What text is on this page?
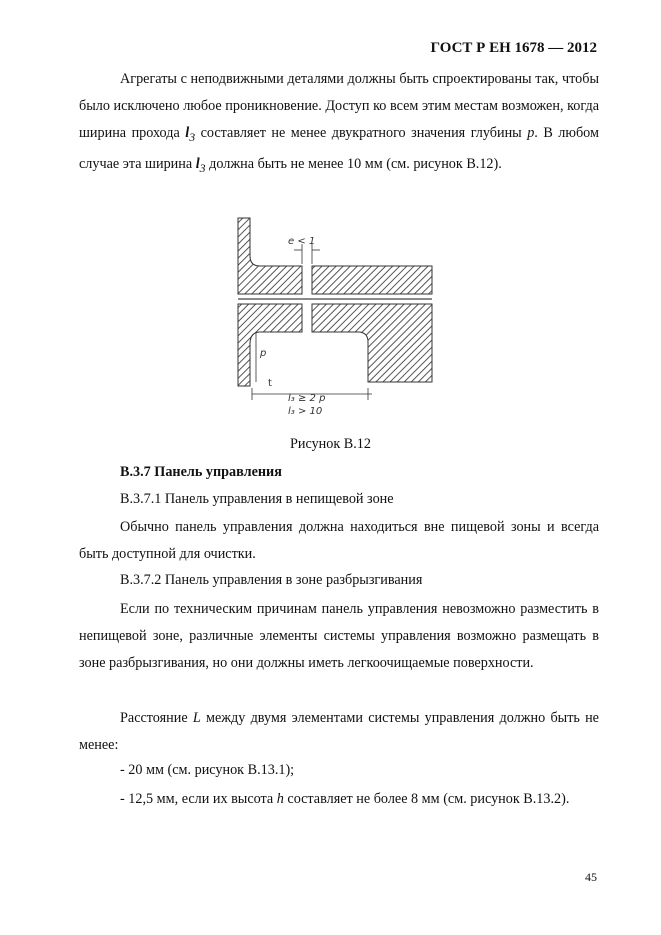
ГОСТ Р ЕН 1678 — 2012

Агрегаты с неподвижными деталями должны быть спроектированы так, чтобы было исключено любое проникновение. Доступ ко всем этим местам возможен, когда ширина прохода $l_3$ составляет не менее двукратного значения глубины p. В любом случае эта ширина $l_3$ должна быть не менее 10 мм (см. рисунок В.12).

e < 1
p
t
l₃ ≥ 2 p
l₃ > 10
Рисунок В.12
В.3.7 Панель управления
В.3.7.1 Панель управления в непищевой зоне

Обычно панель управления должна находиться вне пищевой зоны и всегда быть доступной для очистки.

В.3.7.2 Панель управления в зоне разбрызгивания

Если по техническим причинам панель управления невозможно разместить в непищевой зоне, различные элементы системы управления возможно размещать в зоне разбрызгивания, но они должны иметь легкоочищаемые поверхности.

Расстояние L между двумя элементами системы управления должно быть не менее:

- 20 мм (см. рисунок В.13.1);

- 12,5 мм, если их высота h составляет не более 8 мм (см. рисунок В.13.2).

45
